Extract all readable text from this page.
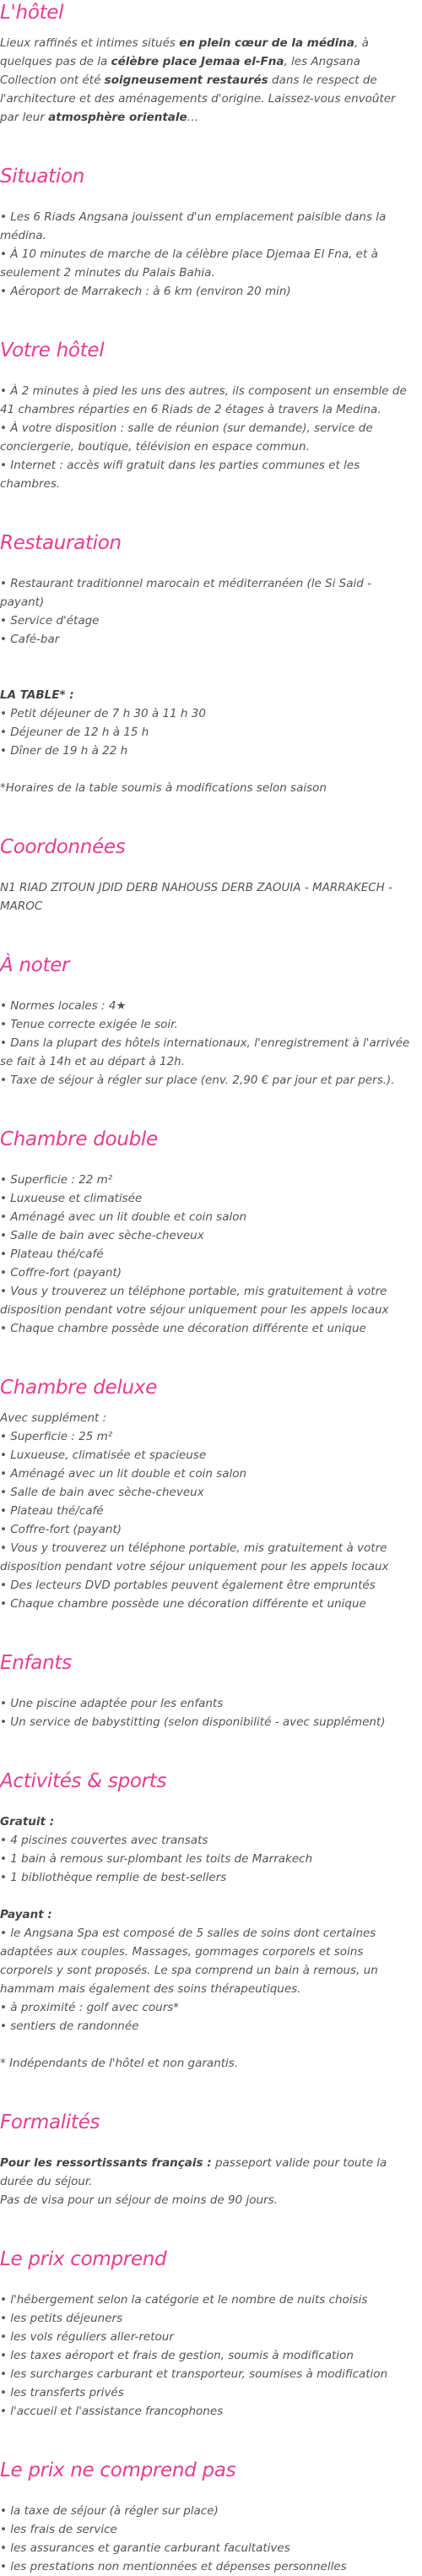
L'hôtel

Lieux raffinés et intimes situés en plein cœur de la médina, à quelques pas de la célèbre place Jemaa el-Fna, les Angsana Collection ont été soigneusement restaurés dans le respect de l'architecture et des aménagements d'origine. Laissez-vous envoûter par leur atmosphère orientale…

Situation

• Les 6 Riads Angsana jouissent d'un emplacement paisible dans la médina.

• À 10 minutes de marche de la célèbre place Djemaa El Fna, et à seulement 2 minutes du Palais Bahia.

• Aéroport de Marrakech : à 6 km (environ 20 min)

Votre hôtel

• À 2 minutes à pied les uns des autres, ils composent un ensemble de 41 chambres réparties en 6 Riads de 2 étages à travers la Medina.

• À votre disposition : salle de réunion (sur demande), service de conciergerie, boutique, télévision en espace commun.

• Internet : accès wifi gratuit dans les parties communes et les chambres.

Restauration

• Restaurant traditionnel marocain et méditerranéen (le Si Said - payant)

• Service d'étage

• Café-bar

LA TABLE* :

• Petit déjeuner de 7 h 30 à 11 h 30

• Déjeuner de 12 h à 15 h

• Dîner de 19 h à 22 h

*Horaires de la table soumis à modifications selon saison

Coordonnées

N1 RIAD ZITOUN JDID DERB NAHOUSS DERB ZAOUIA - MARRAKECH - MAROC

À noter

• Normes locales : 4★

• Tenue correcte exigée le soir.

• Dans la plupart des hôtels internationaux, l'enregistrement à l'arrivée se fait à 14h et au départ à 12h.

• Taxe de séjour à régler sur place (env. 2,90 € par jour et par pers.).

Chambre double

• Superficie : 22 m²

• Luxueuse et climatisée

• Aménagé avec un lit double et coin salon

• Salle de bain avec sèche-cheveux

• Plateau thé/café

• Coffre-fort (payant)

• Vous y trouverez un téléphone portable, mis gratuitement à votre disposition pendant votre séjour uniquement pour les appels locaux

• Chaque chambre possède une décoration différente et unique

Chambre deluxe

Avec supplément :

• Superficie : 25 m²

• Luxueuse, climatisée et spacieuse

• Aménagé avec un lit double et coin salon

• Salle de bain avec sèche-cheveux

• Plateau thé/café

• Coffre-fort (payant)

• Vous y trouverez un téléphone portable, mis gratuitement à votre disposition pendant votre séjour uniquement pour les appels locaux

• Des lecteurs DVD portables peuvent également être empruntés

• Chaque chambre possède une décoration différente et unique

Enfants

• Une piscine adaptée pour les enfants

• Un service de babystitting (selon disponibilité - avec supplément)

Activités & sports

Gratuit :

• 4 piscines couvertes avec transats

• 1 bain à remous sur-plombant les toits de Marrakech

• 1 bibliothèque remplie de best-sellers

Payant :

• le Angsana Spa est composé de 5 salles de soins dont certaines adaptées aux couples. Massages, gommages corporels et soins corporels y sont proposés. Le spa comprend un bain à remous, un hammam mais également des soins thérapeutiques.

• à proximité : golf avec cours*

• sentiers de randonnée

* Indépendants de l'hôtel et non garantis.

Formalités

Pour les ressortissants français : passeport valide pour toute la durée du séjour.

Pas de visa pour un séjour de moins de 90 jours.

Le prix comprend

• l'hébergement selon la catégorie et le nombre de nuits choisis

• les petits déjeuners

• les vols réguliers aller-retour

• les taxes aéroport et frais de gestion, soumis à modification

• les surcharges carburant et transporteur, soumises à modification

• les transferts privés

• l'accueil et l'assistance francophones

Le prix ne comprend pas

• la taxe de séjour (à régler sur place)

• les frais de service

• les assurances et garantie carburant facultatives

• les prestations non mentionnées et dépenses personnelles
